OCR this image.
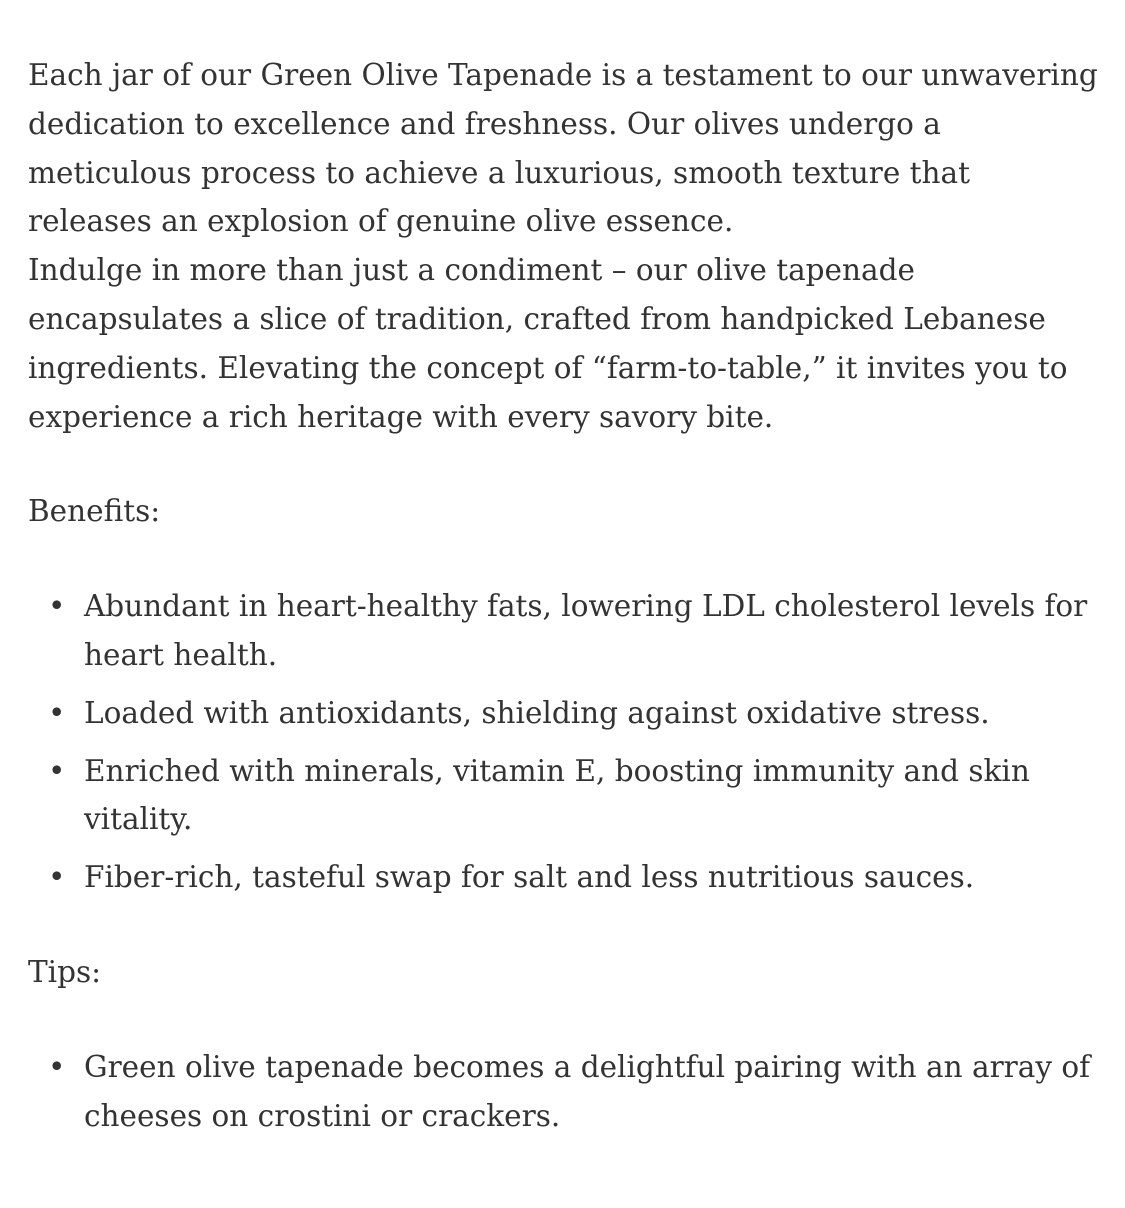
Each jar of our Green Olive Tapenade is a testament to our unwavering dedication to excellence and freshness. Our olives undergo a meticulous process to achieve a luxurious, smooth texture that releases an explosion of genuine olive essence.

Indulge in more than just a condiment – our olive tapenade encapsulates a slice of tradition, crafted from handpicked Lebanese ingredients. Elevating the concept of “farm-to-table,” it invites you to experience a rich heritage with every savory bite.

Benefits:

• Abundant in heart-healthy fats, lowering LDL cholesterol levels for heart health.
• Loaded with antioxidants, shielding against oxidative stress.
• Enriched with minerals, vitamin E, boosting immunity and skin vitality.
• Fiber-rich, tasteful swap for salt and less nutritious sauces.

Tips:

• Green olive tapenade becomes a delightful pairing with an array of cheeses on crostini or crackers.
